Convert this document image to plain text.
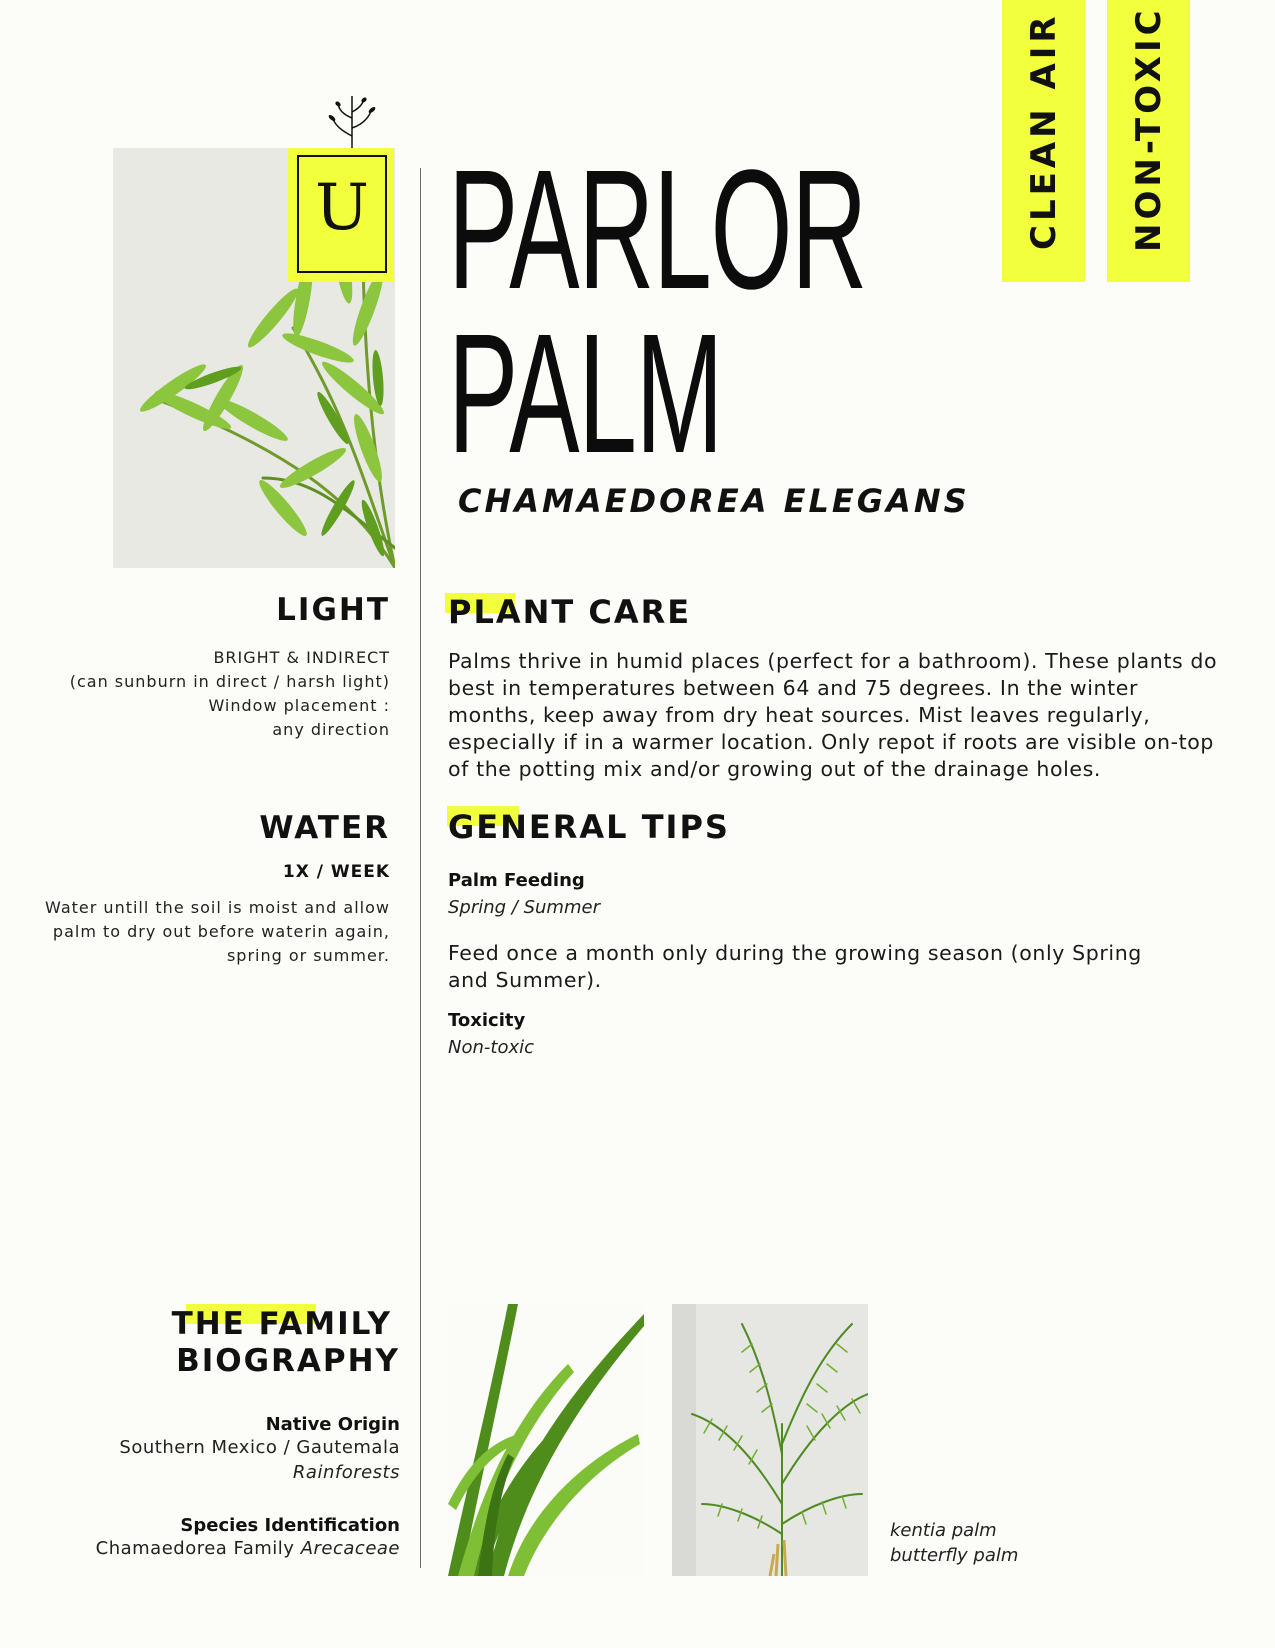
U PARLOR
PALM

CHAMAEDOREA ELEGANS

CLEAN AIR NON-TOXIC
LIGHT

BRIGHT & INDIRECT

(can sunburn in direct / harsh light)

Window placement :

any direction

WATER

1X / WEEK

Water untill the soil is moist and allow

palm to dry out before waterin again,

spring or summer.

PLANT CARE

Palms thrive in humid places (perfect for a bathroom). These plants do best in temperatures between 64 and 75 degrees. In the winter months, keep away from dry heat sources. Mist leaves regularly, especially if in a warmer location. Only repot if roots are visible on-top of the potting mix and/or growing out of the drainage holes.

GENERAL TIPS

Palm Feeding

Spring / Summer

Feed once a month only during the growing season (only Spring and Summer).

Toxicity

Non-toxic

THE FAMILY

BIOGRAPHY

Native Origin

Southern Mexico / Gautemala

Rainforests

Species Identification

Chamaedorea Family Arecaceae

kentia palm

butterfly palm
